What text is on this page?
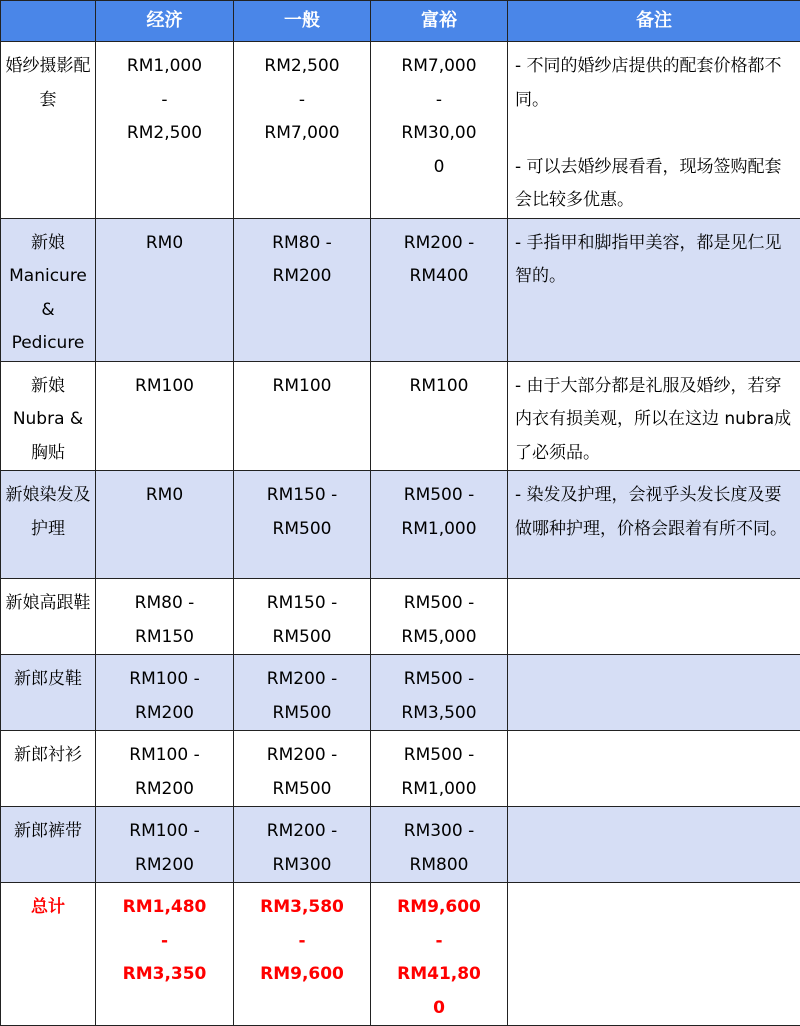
	经济	一般	富裕	备注
婚纱摄影配套	RM1,000 - RM2,500	RM2,500 - RM7,000	RM7,000 - RM30,000	- 不同的婚纱店提供的配套价格都不同。
- 可以去婚纱展看看，现场签购配套会比较多优惠。

新娘 Manicure & Pedicure	RM0	RM80 - RM200	RM200 - RM400	- 手指甲和脚指甲美容，都是见仁见智的。

新娘 Nubra & 胸贴	RM100	RM100	RM100	- 由于大部分都是礼服及婚纱，若穿内衣有损美观，所以在这边 nubra成了必须品。

新娘染发及护理	RM0	RM150 - RM500	RM500 - RM1,000	- 染发及护理，会视乎头发长度及要做哪种护理，价格会跟着有所不同。

新娘高跟鞋	RM80 - RM150	RM150 - RM500	RM500 - RM5,000	
新郎皮鞋	RM100 - RM200	RM200 - RM500	RM500 - RM3,500	
新郎衬衫	RM100 - RM200	RM200 - RM500	RM500 - RM1,000	
新郎裤带	RM100 - RM200	RM200 - RM300	RM300 - RM800	
总计	RM1,480 - RM3,350	RM3,580 - RM9,600	RM9,600 - RM41,800	
